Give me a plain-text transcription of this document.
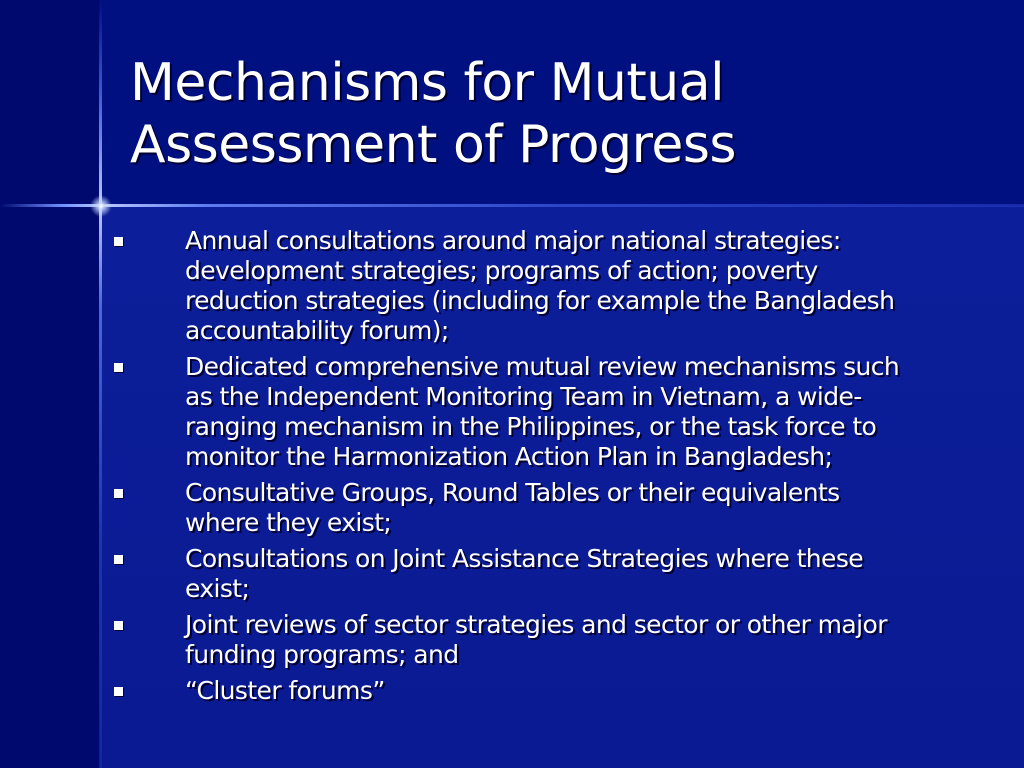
Mechanisms for Mutual
Assessment of Progress
Annual consultations around major national strategies:
development strategies; programs of action; poverty
reduction strategies (including for example the Bangladesh
accountability forum);
Dedicated comprehensive mutual review mechanisms such
as the Independent Monitoring Team in Vietnam, a wide-
ranging mechanism in the Philippines, or the task force to
monitor the Harmonization Action Plan in Bangladesh;
Consultative Groups, Round Tables or their equivalents
where they exist;
Consultations on Joint Assistance Strategies where these
exist;
Joint reviews of sector strategies and sector or other major
funding programs; and
“Cluster forums”
